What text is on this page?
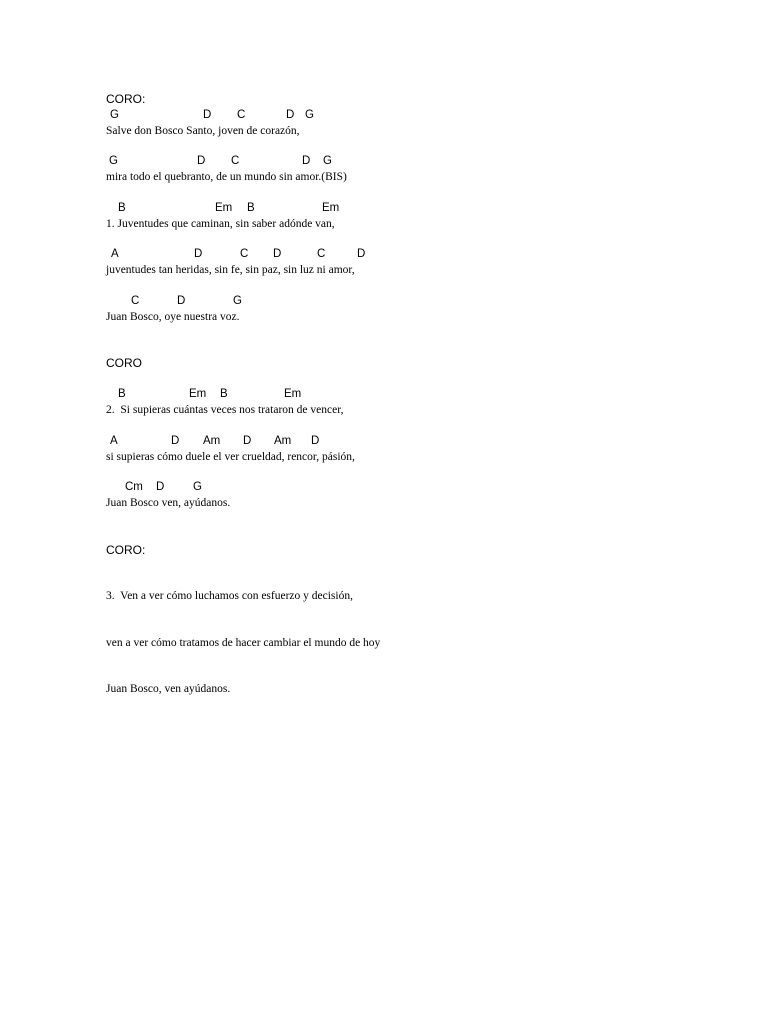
CORO:
G	D C	D G
Salve don Bosco Santo, joven de corazón,
G	D C	D G
mira todo el quebranto, de un mundo sin amor.(BIS)
B	Em B	Em
1. Juventudes que caminan, sin saber adónde van,
A	D	C D	C	D
juventudes tan heridas, sin fe, sin paz, sin luz ni amor,
C	D	G
Juan Bosco, oye nuestra voz.
CORO
B	Em B	Em
2.  Si supieras cuántas veces nos trataron de vencer,
A	D Am D Am D
si supieras cómo duele el ver crueldad, rencor, pásión,
Cm D G
Juan Bosco ven, ayúdanos.
CORO:
3.  Ven a ver cómo luchamos con esfuerzo y decisión,
ven a ver cómo tratamos de hacer cambiar el mundo de hoy
Juan Bosco, ven ayúdanos.
